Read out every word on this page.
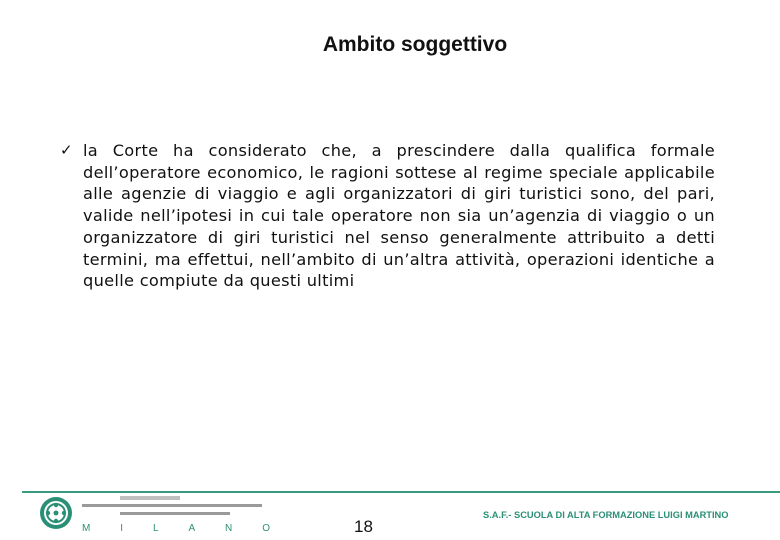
Ambito soggettivo
✓ la Corte ha considerato che, a prescindere dalla qualifica formale dell’operatore economico, le ragioni sottese al regime speciale applicabile alle agenzie di viaggio e agli organizzatori di giri turistici sono, del pari, valide nell’ipotesi in cui tale operatore non sia un’agenzia di viaggio o un organizzatore di giri turistici nel senso generalmente attribuito a detti termini, ma effettui, nell’ambito di un’altra attività, operazioni identiche a quelle compiute da questi ultimi
M	I	L	A	N	O	18
S.A.F.- SCUOLA DI ALTA FORMAZIONE LUIGI MARTINO
